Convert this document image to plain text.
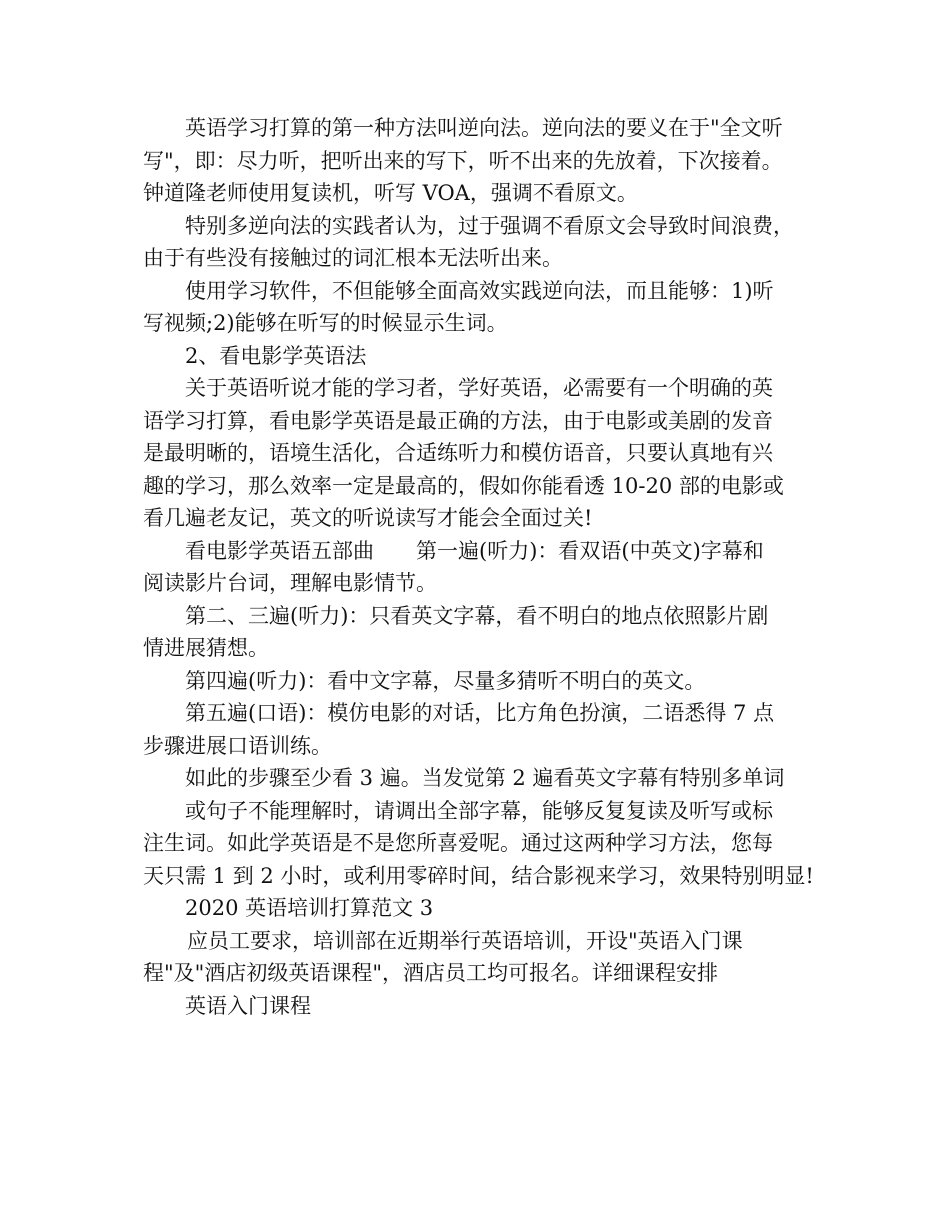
英语学习打算的第一种方法叫逆向法。逆向法的要义在于"全文听
写"，即：尽力听，把听出来的写下，听不出来的先放着，下次接着。
钟道隆老师使用复读机，听写 VOA，强调不看原文。
特别多逆向法的实践者认为，过于强调不看原文会导致时间浪费，
由于有些没有接触过的词汇根本无法听出来。
使用学习软件，不但能够全面高效实践逆向法，而且能够：1)听
写视频;2)能够在听写的时候显示生词。
2、看电影学英语法
关于英语听说才能的学习者，学好英语，必需要有一个明确的英
语学习打算，看电影学英语是最正确的方法，由于电影或美剧的发音
是最明晰的，语境生活化，合适练听力和模仿语音，只要认真地有兴
趣的学习，那么效率一定是最高的，假如你能看透 10-20 部的电影或
看几遍老友记，英文的听说读写才能会全面过关!
看电影学英语五部曲　　第一遍(听力)：看双语(中英文)字幕和
阅读影片台词，理解电影情节。
第二、三遍(听力)：只看英文字幕，看不明白的地点依照影片剧
情进展猜想。
第四遍(听力)：看中文字幕，尽量多猜听不明白的英文。
第五遍(口语)：模仿电影的对话，比方角色扮演，二语悉得 7 点
步骤进展口语训练。
如此的步骤至少看 3 遍。当发觉第 2 遍看英文字幕有特别多单词
或句子不能理解时，请调出全部字幕，能够反复复读及听写或标
注生词。如此学英语是不是您所喜爱呢。通过这两种学习方法，您每
天只需 1 到 2 小时，或利用零碎时间，结合影视来学习，效果特别明显!
2020 英语培训打算范文 3
应员工要求，培训部在近期举行英语培训，开设"英语入门课
程"及"酒店初级英语课程"，酒店员工均可报名。详细课程安排
英语入门课程
